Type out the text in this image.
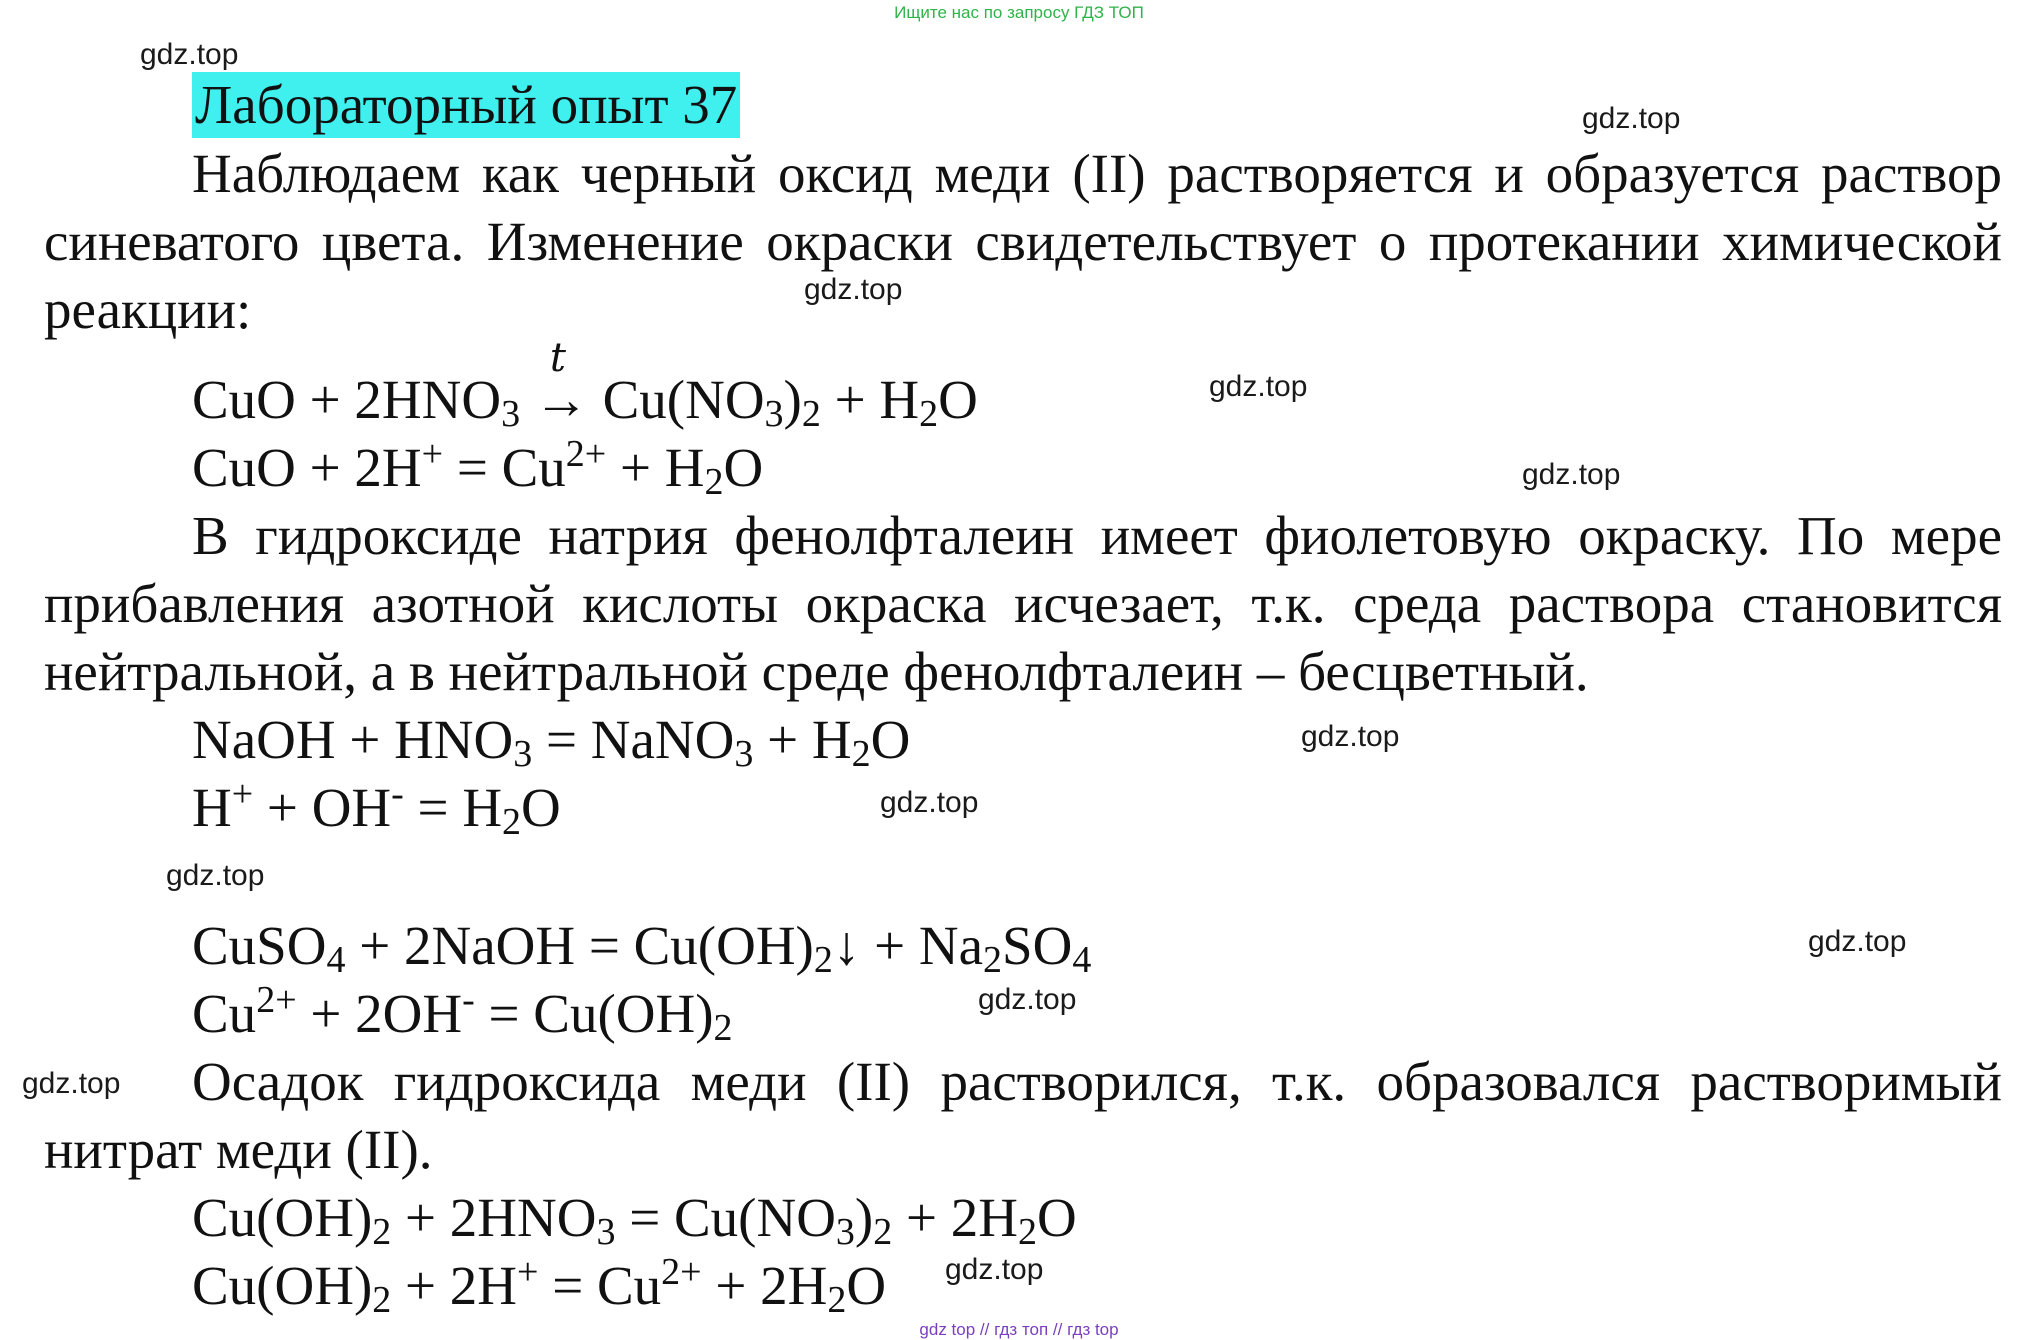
Ищите нас по запросу ГДЗ ТОП
gdz top // гдз топ // гдз top
gdz.top
gdz.top
gdz.top
gdz.top
gdz.top
gdz.top
gdz.top
gdz.top
gdz.top
gdz.top
gdz.top
gdz.top
Лабораторный опыт 37

Наблюдаем как черный оксид меди (II) растворяется и образуется раствор синеватого цвета. Изменение окраски свидетельствует о протекании химической реакции:

CuO + $2HNO_3$
t
→ $Cu(NO_3)_2 + H_2O$
CuO + $2H^+ = Cu^{2+} + H_2O$

В гидроксиде натрия фенолфталеин имеет фиолетовую окраску. По мере прибавления азотной кислоты окраска исчезает, т.к. среда раствора становится нейтральной, а в нейтральной среде фенолфталеин – бесцветный.

NaOH + $HNO_3$ = NaNO$_3$ + $H_2O$
$H^+ + OH^- = H_2O$
CuSO$_4$ + 2NaOH = $Cu(OH)_2↓ + Na_2SO_4$
$Cu^{2+} + 2OH^- = Cu(OH)_2$

Осадок гидроксида меди (II) растворился, т.к. образовался растворимый нитрат меди (II).

$Cu(OH)_2 + 2HNO_3 = Cu(NO_3)_2 + 2H_2O$
$Cu(OH)_2 + 2H^+ = Cu^{2+} + 2H_2O$
